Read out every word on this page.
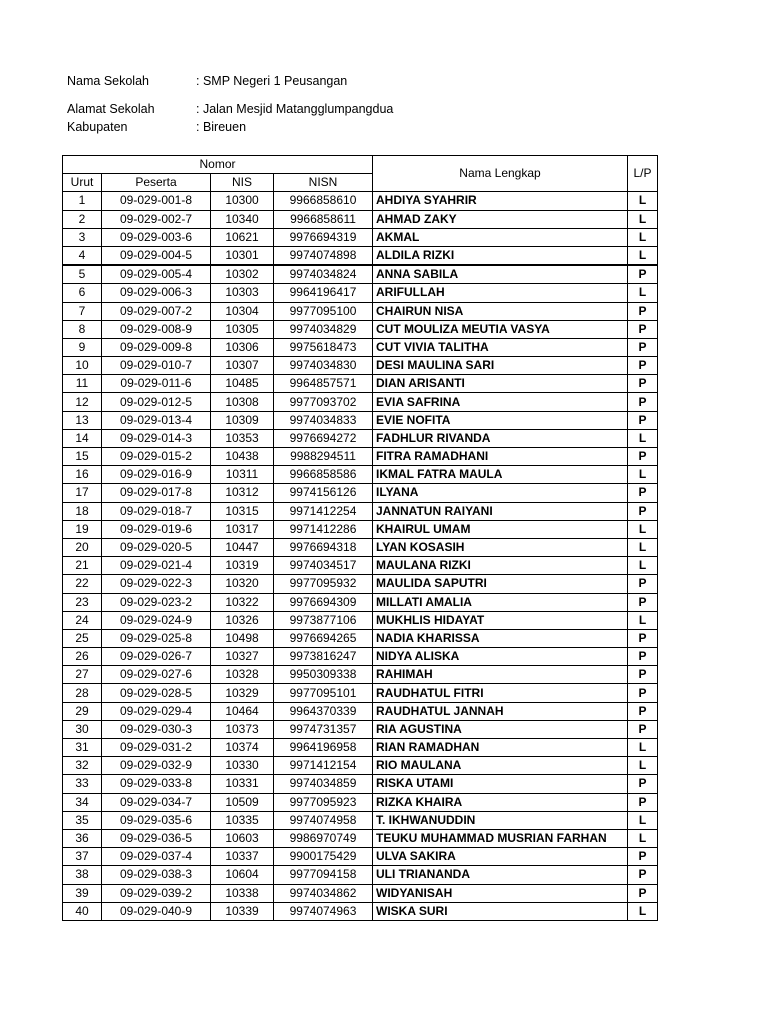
Nama Sekolah	: SMP Negeri 1 Peusangan
Alamat Sekolah	: Jalan Mesjid Matangglumpangdua
Kabupaten	: Bireuen
Nomor				Nama Lengkap	L/P
Urut	Peserta	NIS	NISN		
1	09-029-001-8	10300	9966858610	AHDIYA SYAHRIR	L
2	09-029-002-7	10340	9966858611	AHMAD ZAKY	L
3	09-029-003-6	10621	9976694319	AKMAL	L
4	09-029-004-5	10301	9974074898	ALDILA RIZKI	L
5	09-029-005-4	10302	9974034824	ANNA SABILA	P
6	09-029-006-3	10303	9964196417	ARIFULLAH	L
7	09-029-007-2	10304	9977095100	CHAIRUN NISA	P
8	09-029-008-9	10305	9974034829	CUT MOULIZA MEUTIA VASYA	P
9	09-029-009-8	10306	9975618473	CUT VIVIA TALITHA	P
10	09-029-010-7	10307	9974034830	DESI MAULINA SARI	P
11	09-029-011-6	10485	9964857571	DIAN ARISANTI	P
12	09-029-012-5	10308	9977093702	EVIA SAFRINA	P
13	09-029-013-4	10309	9974034833	EVIE NOFITA	P
14	09-029-014-3	10353	9976694272	FADHLUR RIVANDA	L
15	09-029-015-2	10438	9988294511	FITRA RAMADHANI	P
16	09-029-016-9	10311	9966858586	IKMAL FATRA MAULA	L
17	09-029-017-8	10312	9974156126	ILYANA	P
18	09-029-018-7	10315	9971412254	JANNATUN RAIYANI	P
19	09-029-019-6	10317	9971412286	KHAIRUL UMAM	L
20	09-029-020-5	10447	9976694318	LYAN KOSASIH	L
21	09-029-021-4	10319	9974034517	MAULANA RIZKI	L
22	09-029-022-3	10320	9977095932	MAULIDA SAPUTRI	P
23	09-029-023-2	10322	9976694309	MILLATI AMALIA	P
24	09-029-024-9	10326	9973877106	MUKHLIS HIDAYAT	L
25	09-029-025-8	10498	9976694265	NADIA KHARISSA	P
26	09-029-026-7	10327	9973816247	NIDYA ALISKA	P
27	09-029-027-6	10328	9950309338	RAHIMAH	P
28	09-029-028-5	10329	9977095101	RAUDHATUL FITRI	P
29	09-029-029-4	10464	9964370339	RAUDHATUL JANNAH	P
30	09-029-030-3	10373	9974731357	RIA AGUSTINA	P
31	09-029-031-2	10374	9964196958	RIAN RAMADHAN	L
32	09-029-032-9	10330	9971412154	RIO MAULANA	L
33	09-029-033-8	10331	9974034859	RISKA UTAMI	P
34	09-029-034-7	10509	9977095923	RIZKA KHAIRA	P
35	09-029-035-6	10335	9974074958	T. IKHWANUDDIN	L
36	09-029-036-5	10603	9986970749	TEUKU MUHAMMAD MUSRIAN FARHAN	L
37	09-029-037-4	10337	9900175429	ULVA SAKIRA	P
38	09-029-038-3	10604	9977094158	ULI TRIANANDA	P
39	09-029-039-2	10338	9974034862	WIDYANISAH	P
40	09-029-040-9	10339	9974074963	WISKA SURI	L
